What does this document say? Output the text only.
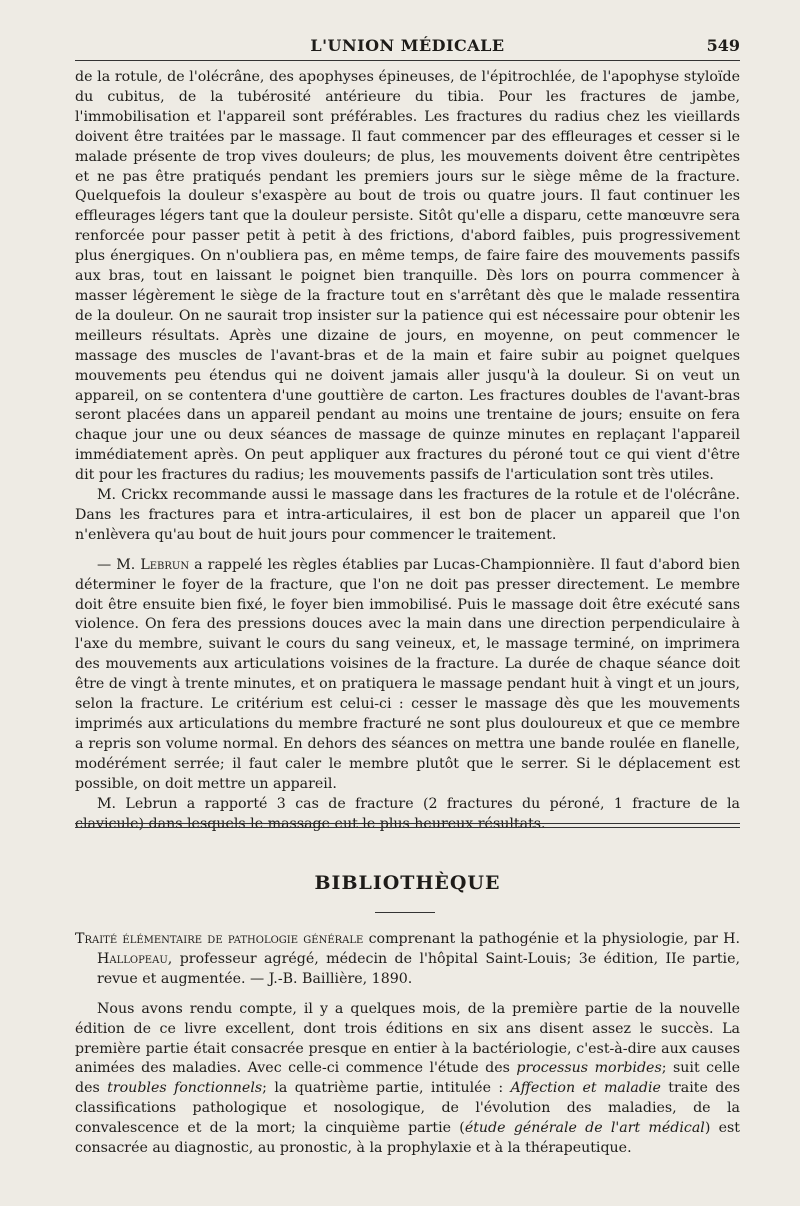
L'UNION MÉDICALE	549

de la rotule, de l'olécrâne, des apophyses épineuses, de l'épitrochlée, de l'apophyse styloïde du cubitus, de la tubérosité antérieure du tibia. Pour les fractures de jambe, l'immobilisation et l'appareil sont préférables. Les fractures du radius chez les vieillards doivent être traitées par le massage. Il faut commencer par des effleurages et cesser si le malade présente de trop vives douleurs; de plus, les mouvements doivent être centripètes et ne pas être pratiqués pendant les premiers jours sur le siège même de la fracture. Quelquefois la douleur s'exaspère au bout de trois ou quatre jours. Il faut continuer les effleurages légers tant que la douleur persiste. Sitôt qu'elle a disparu, cette manœuvre sera renforcée pour passer petit à petit à des frictions, d'abord faibles, puis progressivement plus énergiques. On n'oubliera pas, en même temps, de faire faire des mouvements passifs aux bras, tout en laissant le poignet bien tranquille. Dès lors on pourra commencer à masser légèrement le siège de la fracture tout en s'arrêtant dès que le malade ressentira de la douleur. On ne saurait trop insister sur la patience qui est nécessaire pour obtenir les meilleurs résultats. Après une dizaine de jours, en moyenne, on peut commencer le massage des muscles de l'avant-bras et de la main et faire subir au poignet quelques mouvements peu étendus qui ne doivent jamais aller jusqu'à la douleur. Si on veut un appareil, on se contentera d'une gouttière de carton. Les fractures doubles de l'avant-bras seront placées dans un appareil pendant au moins une trentaine de jours; ensuite on fera chaque jour une ou deux séances de massage de quinze minutes en replaçant l'appareil immédiatement après. On peut appliquer aux fractures du péroné tout ce qui vient d'être dit pour les fractures du radius; les mouvements passifs de l'articulation sont très utiles.

M. Crickx recommande aussi le massage dans les fractures de la rotule et de l'olécrâne. Dans les fractures para et intra-articulaires, il est bon de placer un appareil que l'on n'enlèvera qu'au bout de huit jours pour commencer le traitement.

— M. Lebrun a rappelé les règles établies par Lucas-Championnière. Il faut d'abord bien déterminer le foyer de la fracture, que l'on ne doit pas presser directement. Le membre doit être ensuite bien fixé, le foyer bien immobilisé. Puis le massage doit être exécuté sans violence. On fera des pressions douces avec la main dans une direction perpendiculaire à l'axe du membre, suivant le cours du sang veineux, et, le massage terminé, on imprimera des mouvements aux articulations voisines de la fracture. La durée de chaque séance doit être de vingt à trente minutes, et on pratiquera le massage pendant huit à vingt et un jours, selon la fracture. Le critérium est celui-ci : cesser le massage dès que les mouvements imprimés aux articulations du membre fracturé ne sont plus douloureux et que ce membre a repris son volume normal. En dehors des séances on mettra une bande roulée en flanelle, modérément serrée; il faut caler le membre plutôt que le serrer. Si le déplacement est possible, on doit mettre un appareil.

M. Lebrun a rapporté 3 cas de fracture (2 fractures du péroné, 1 fracture de la clavicule) dans lesquels le massage eut le plus heureux résultats.

BIBLIOTHÈQUE

Traité élémentaire de pathologie générale comprenant la pathogénie et la physiologie, par H. Hallopeau, professeur agrégé, médecin de l'hôpital Saint-Louis; 3e édition, IIe partie, revue et augmentée. — J.-B. Baillière, 1890.

Nous avons rendu compte, il y a quelques mois, de la première partie de la nouvelle édition de ce livre excellent, dont trois éditions en six ans disent assez le succès. La première partie était consacrée presque en entier à la bactériologie, c'est-à-dire aux causes animées des maladies. Avec celle-ci commence l'étude des processus morbides; suit celle des troubles fonctionnels; la quatrième partie, intitulée : Affection et maladie traite des classifications pathologique et nosologique, de l'évolution des maladies, de la convalescence et de la mort; la cinquième partie (étude générale de l'art médical) est consacrée au diagnostic, au pronostic, à la prophylaxie et à la thérapeutique.
